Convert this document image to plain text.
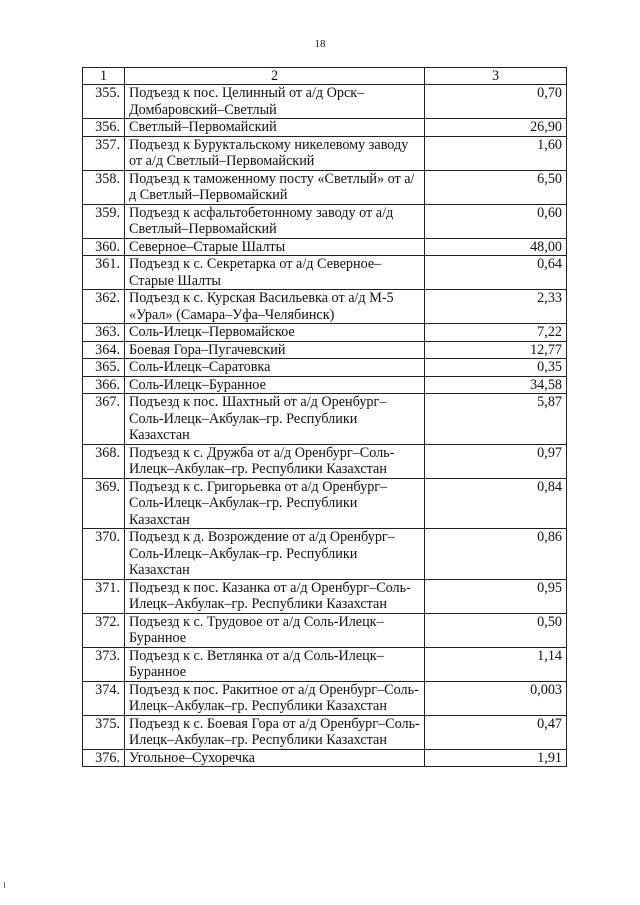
18
1	2	3
355.	Подъезд к пос. Целинный от а/д Орск–Домбаровский–Светлый	0,70
356.	Светлый–Первомайский	26,90
357.	Подъезд к Буруктальскому никелевому заводу от а/д Светлый–Первомайский	1,60
358.	Подъезд к таможенному посту «Светлый» от а/д Светлый–Первомайский	6,50
359.	Подъезд к асфальтобетонному заводу от а/д Светлый–Первомайский	0,60
360.	Северное–Старые Шалты	48,00
361.	Подъезд к с. Секретарка от а/д Северное–Старые Шалты	0,64
362.	Подъезд к с. Курская Васильевка от а/д М-5 «Урал» (Самара–Уфа–Челябинск)	2,33
363.	Соль-Илецк–Первомайское	7,22
364.	Боевая Гора–Пугачевский	12,77
365.	Соль-Илецк–Саратовка	0,35
366.	Соль-Илецк–Буранное	34,58
367.	Подъезд к пос. Шахтный от а/д Оренбург–Соль-Илецк–Акбулак–гр. Республики Казахстан	5,87
368.	Подъезд к с. Дружба от а/д Оренбург–Соль-Илецк–Акбулак–гр. Республики Казахстан	0,97
369.	Подъезд к с. Григорьевка от а/д Оренбург–Соль-Илецк–Акбулак–гр. Республики Казахстан	0,84
370.	Подъезд к д. Возрождение от а/д Оренбург–Соль-Илецк–Акбулак–гр. Республики Казахстан	0,86
371.	Подъезд к пос. Казанка от а/д Оренбург–Соль-Илецк–Акбулак–гр. Республики Казахстан	0,95
372.	Подъезд к с. Трудовое от а/д Соль-Илецк–Буранное	0,50
373.	Подъезд к с. Ветлянка от а/д Соль-Илецк–Буранное	1,14
374.	Подъезд к пос. Ракитное от а/д Оренбург–Соль-Илецк–Акбулак–гр. Республики Казахстан	0,003
375.	Подъезд к с. Боевая Гора от а/д Оренбург–Соль-Илецк–Акбулак–гр. Республики Казахстан	0,47
376.	Угольное–Сухоречка	1,91
